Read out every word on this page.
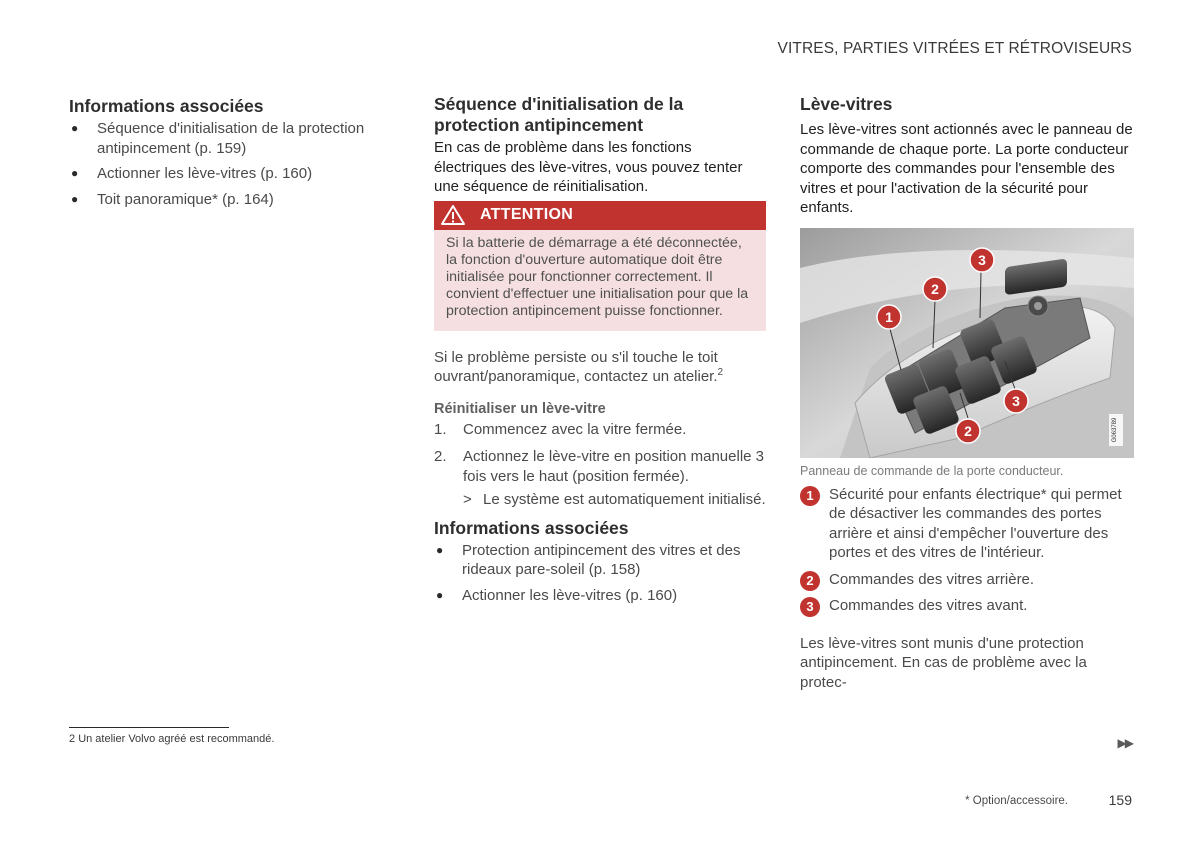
VITRES, PARTIES VITRÉES ET RÉTROVISEURS
Informations associées
● Séquence d'initialisation de la protection antipincement (p. 159)
● Actionner les lève-vitres (p. 160)
● Toit panoramique* (p. 164)
Séquence d'initialisation de la protection antipincement

En cas de problème dans les fonctions électriques des lève-vitres, vous pouvez tenter une séquence de réinitialisation.

ATTENTION
Si la batterie de démarrage a été déconnectée, la fonction d'ouverture automatique doit être initialisée pour fonctionner correctement. Il convient d'effectuer une initialisation pour que la protection antipincement puisse fonctionner.

Si le problème persiste ou s'il touche le toit ouvrant/panoramique, contactez un atelier.$^2$

Réinitialiser un lève-vitre
1. Commencez avec la vitre fermée.
2. Actionnez le lève-vitre en position manuelle 3 fois vers le haut (position fermée).
> Le système est automatiquement initialisé.
Informations associées
● Protection antipincement des vitres et des rideaux pare-soleil (p. 158)
● Actionner les lève-vitres (p. 160)
Lève-vitres

Les lève-vitres sont actionnés avec le panneau de commande de chaque porte. La porte conducteur comporte des commandes pour l'ensemble des vitres et pour l'activation de la sécurité pour enfants.

1
2
3
2
3
G063789
Panneau de commande de la porte conducteur.
1	Sécurité pour enfants électrique* qui permet de désactiver les commandes des portes arrière et ainsi d'empêcher l'ouverture des portes et des vitres de l'intérieur.
2	Commandes des vitres arrière.
3	Commandes des vitres avant.

Les lève-vitres sont munis d'une protection antipincement. En cas de problème avec la protec-

2 Un atelier Volvo agréé est recommandé.	▶▶
* Option/accessoire.	159
